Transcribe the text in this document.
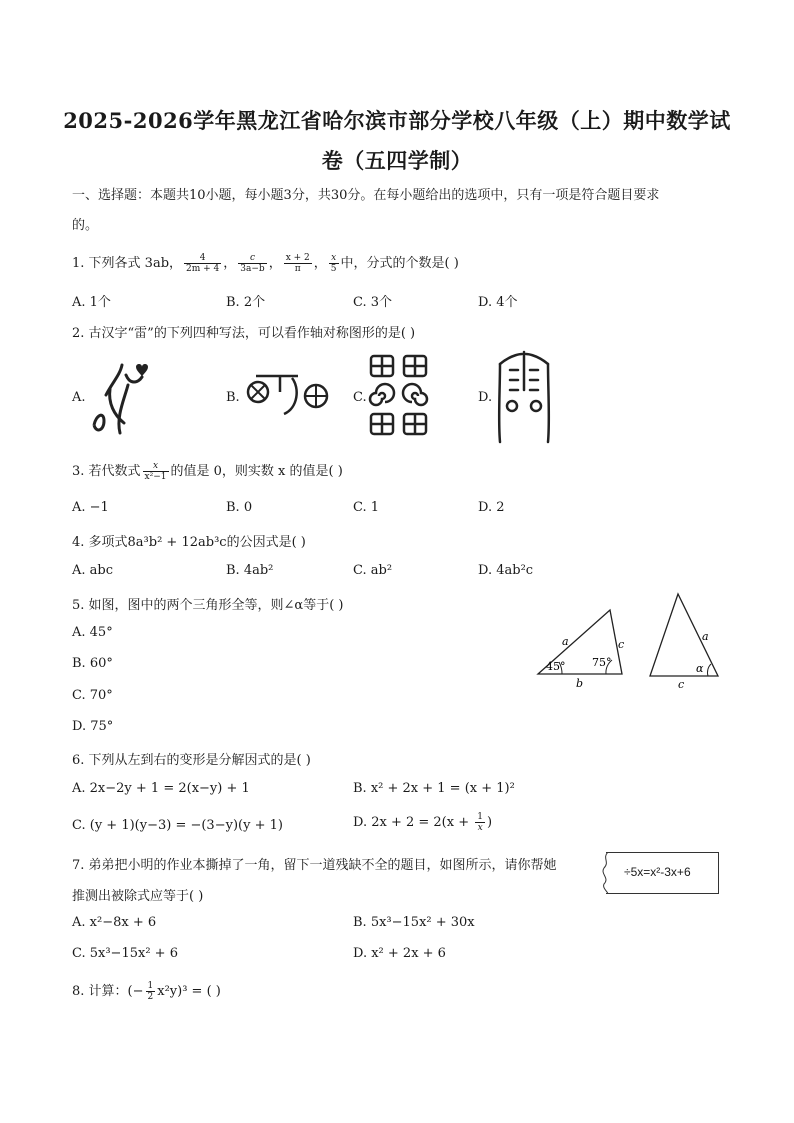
2025-2026学年黑龙江省哈尔滨市部分学校八年级（上）期中数学试
卷（五四学制）
一、选择题：本题共10小题，每小题3分，共30分。在每小题给出的选项中，只有一项是符合题目要求
的。
1. 下列各式 3ab， $\frac{4}{2m + 4}$ ， $\frac{c}{3a-b}$ ， $\frac{x + 2}{\pi}$ ， $\frac{x}{5}$ 中，分式的个数是( )
A. 1个	B. 2个	C. 3个	D. 4个
2. 古汉字“雷”的下列四种写法，可以看作轴对称图形的是( )
A.	B.	C.	D.
3. 若代数式 $\frac{x}{\text{x²−1}}$ 的值是 0，则实数 x 的值是( )
A. −1	B. 0	C. 1	D. 2
4. 多项式8a³b² + 12ab³c的公因式是( )
A. abc	B. 4ab²	C. ab²	D. 4ab²c
5. 如图，图中的两个三角形全等，则∠α等于( )
A. 45°
B. 60°
C. 70°
D. 75°
a
b
c
45° 75°
a
c
α
6. 下列从左到右的变形是分解因式的是( )
A. 2x−2y + 1 = 2(x−y) + 1	B. x² + 2x + 1 = (x + 1)²
C. (y + 1)(y−3) = −(3−y)(y + 1)	D. $2x + 2 = 2(x + \frac{1}{x}$ )
7. 弟弟把小明的作业本撕掉了一角，留下一道残缺不全的题目，如图所示，请你帮她
推测出被除式应等于( )
÷5x=x²-3x+6
A. x²−8x + 6	B. 5x³−15x² + 30x
C. 5x³−15x² + 6	D. x² + 2x + 6
8. 计算：(− $\frac{1}{2} x^2y)^3$ = ( )
